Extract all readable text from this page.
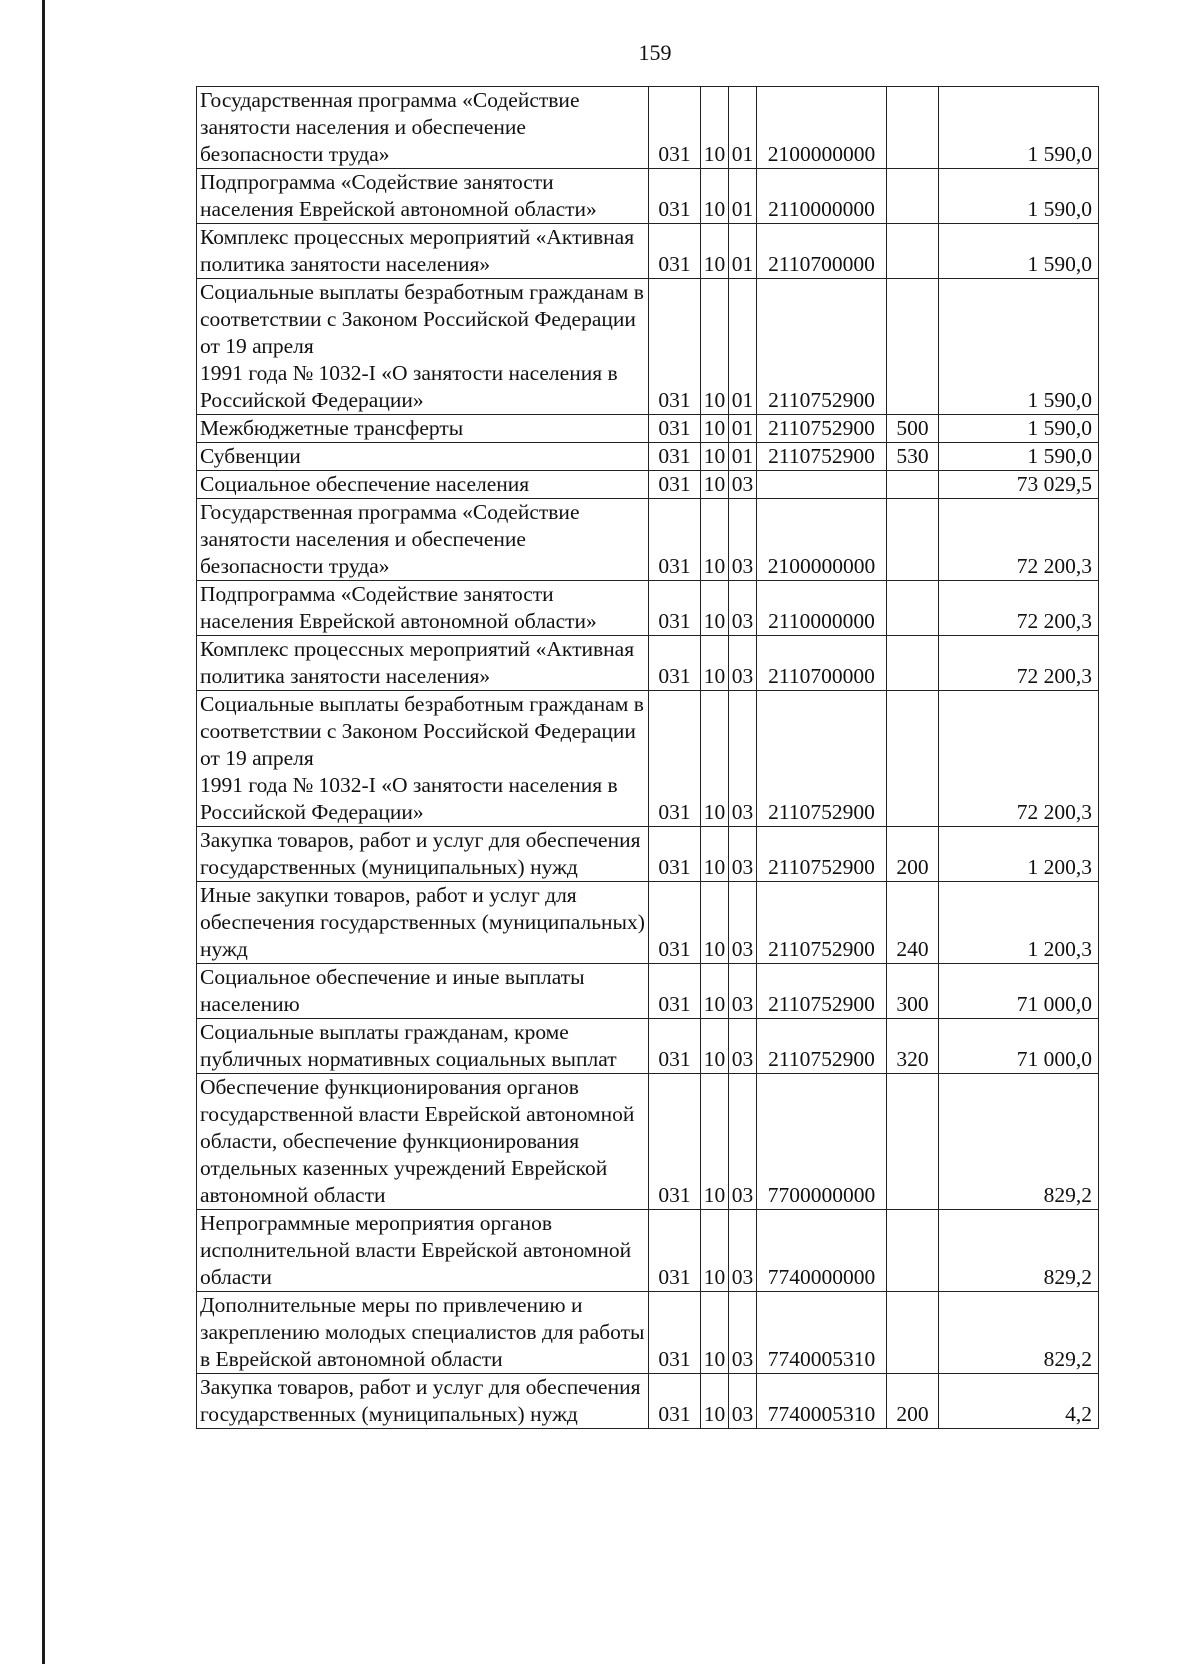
159
Государственная программа «Содействие занятости населения и обеспечение безопасности труда»	031	10	01	2100000000		1 590,0
Подпрограмма «Содействие занятости населения Еврейской автономной области»	031	10	01	2110000000		1 590,0
Комплекс процессных мероприятий «Активная политика занятости населения»	031	10	01	2110700000		1 590,0
Социальные выплаты безработным гражданам в соответствии с Законом Российской Федерации от 19 апреля
1991 года № 1032-I «О занятости населения в Российской Федерации»	031	10	01	2110752900		1 590,0
Межбюджетные трансферты	031	10	01	2110752900	500	1 590,0
Субвенции	031	10	01	2110752900	530	1 590,0
Социальное обеспечение населения	031	10	03			73 029,5
Государственная программа «Содействие занятости населения и обеспечение безопасности труда»	031	10	03	2100000000		72 200,3
Подпрограмма «Содействие занятости населения Еврейской автономной области»	031	10	03	2110000000		72 200,3
Комплекс процессных мероприятий «Активная политика занятости населения»	031	10	03	2110700000		72 200,3
Социальные выплаты безработным гражданам в соответствии с Законом Российской Федерации от 19 апреля
1991 года № 1032-I «О занятости населения в Российской Федерации»	031	10	03	2110752900		72 200,3
Закупка товаров, работ и услуг для обеспечения государственных (муниципальных) нужд	031	10	03	2110752900	200	1 200,3
Иные закупки товаров, работ и услуг для обеспечения государственных (муниципальных) нужд	031	10	03	2110752900	240	1 200,3
Социальное обеспечение и иные выплаты населению	031	10	03	2110752900	300	71 000,0
Социальные выплаты гражданам, кроме публичных нормативных социальных выплат	031	10	03	2110752900	320	71 000,0
Обеспечение функционирования органов государственной власти Еврейской автономной области, обеспечение функционирования отдельных казенных учреждений Еврейской автономной области	031	10	03	7700000000		829,2
Непрограммные мероприятия органов исполнительной власти Еврейской автономной области	031	10	03	7740000000		829,2
Дополнительные меры по привлечению и закреплению молодых специалистов для работы в Еврейской автономной области	031	10	03	7740005310		829,2
Закупка товаров, работ и услуг для обеспечения государственных (муниципальных) нужд	031	10	03	7740005310	200	4,2
